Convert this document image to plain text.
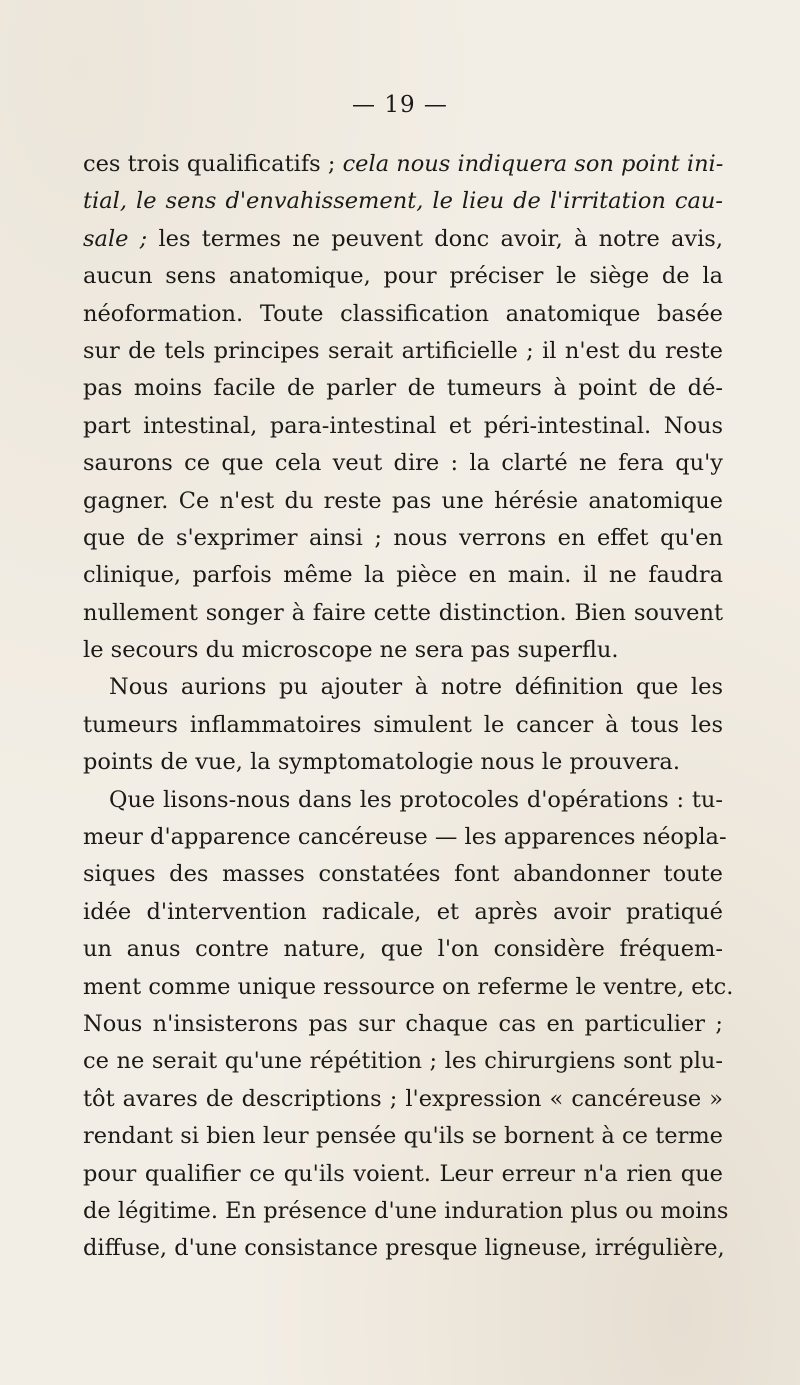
— 19 —
ces trois qualificatifs ; cela nous indiquera son point ini-
tial, le sens d'envahissement, le lieu de l'irritation cau-
sale ; les termes ne peuvent donc avoir, à notre avis,
aucun sens anatomique, pour préciser le siège de la
néoformation. Toute classification anatomique basée
sur de tels principes serait artificielle ; il n'est du reste
pas moins facile de parler de tumeurs à point de dé-
part intestinal, para-intestinal et péri-intestinal. Nous
saurons ce que cela veut dire : la clarté ne fera qu'y
gagner. Ce n'est du reste pas une hérésie anatomique
que de s'exprimer ainsi ; nous verrons en effet qu'en
clinique, parfois même la pièce en main. il ne faudra
nullement songer à faire cette distinction. Bien souvent
le secours du microscope ne sera pas superflu.
Nous aurions pu ajouter à notre définition que les
tumeurs inflammatoires simulent le cancer à tous les
points de vue, la symptomatologie nous le prouvera.
Que lisons-nous dans les protocoles d'opérations : tu-
meur d'apparence cancéreuse — les apparences néopla-
siques des masses constatées font abandonner toute
idée d'intervention radicale, et après avoir pratiqué
un anus contre nature, que l'on considère fréquem-
ment comme unique ressource on referme le ventre, etc.
Nous n'insisterons pas sur chaque cas en particulier ;
ce ne serait qu'une répétition ; les chirurgiens sont plu-
tôt avares de descriptions ; l'expression « cancéreuse »
rendant si bien leur pensée qu'ils se bornent à ce terme
pour qualifier ce qu'ils voient. Leur erreur n'a rien que
de légitime. En présence d'une induration plus ou moins
diffuse, d'une consistance presque ligneuse, irrégulière,
